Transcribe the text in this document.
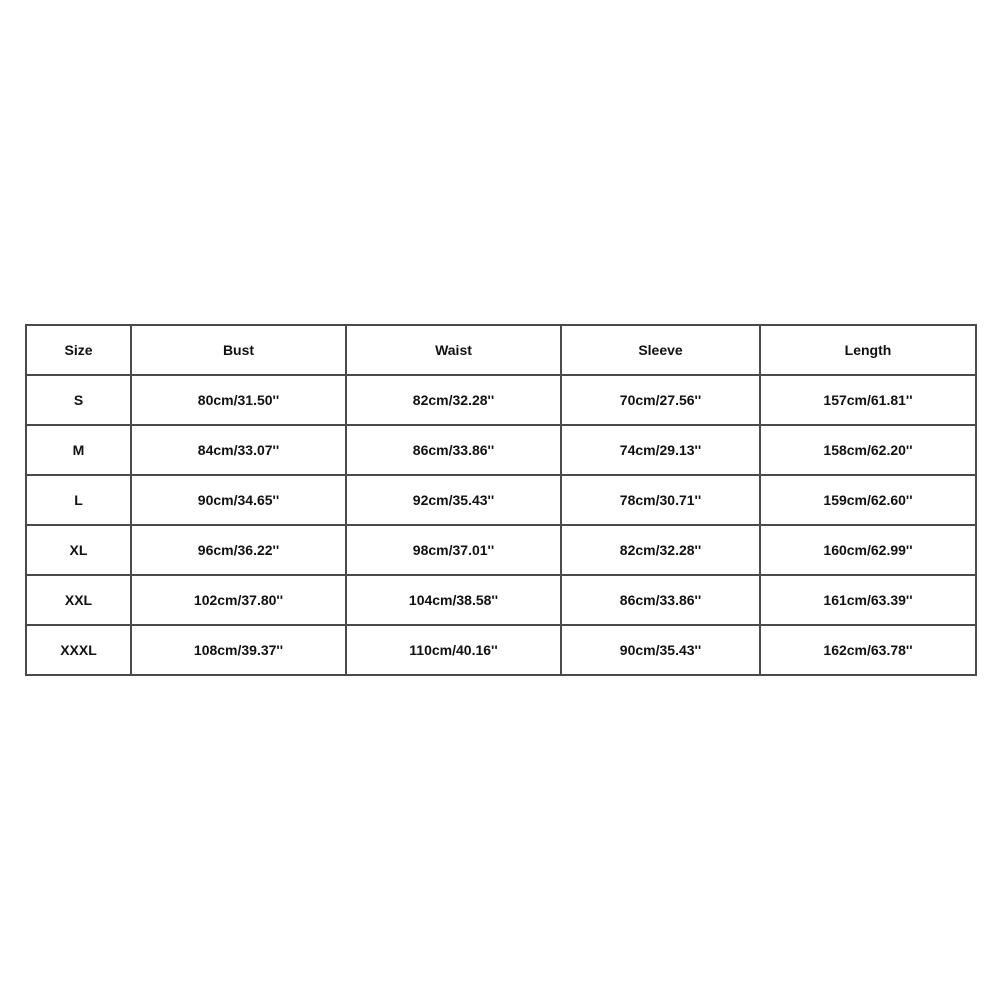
Size	Bust	Waist	Sleeve	Length
S	80cm/31.50''	82cm/32.28''	70cm/27.56''	157cm/61.81''
M	84cm/33.07''	86cm/33.86''	74cm/29.13''	158cm/62.20''
L	90cm/34.65''	92cm/35.43''	78cm/30.71''	159cm/62.60''
XL	96cm/36.22''	98cm/37.01''	82cm/32.28''	160cm/62.99''
XXL	102cm/37.80''	104cm/38.58''	86cm/33.86''	161cm/63.39''
XXXL	108cm/39.37''	110cm/40.16''	90cm/35.43''	162cm/63.78''
